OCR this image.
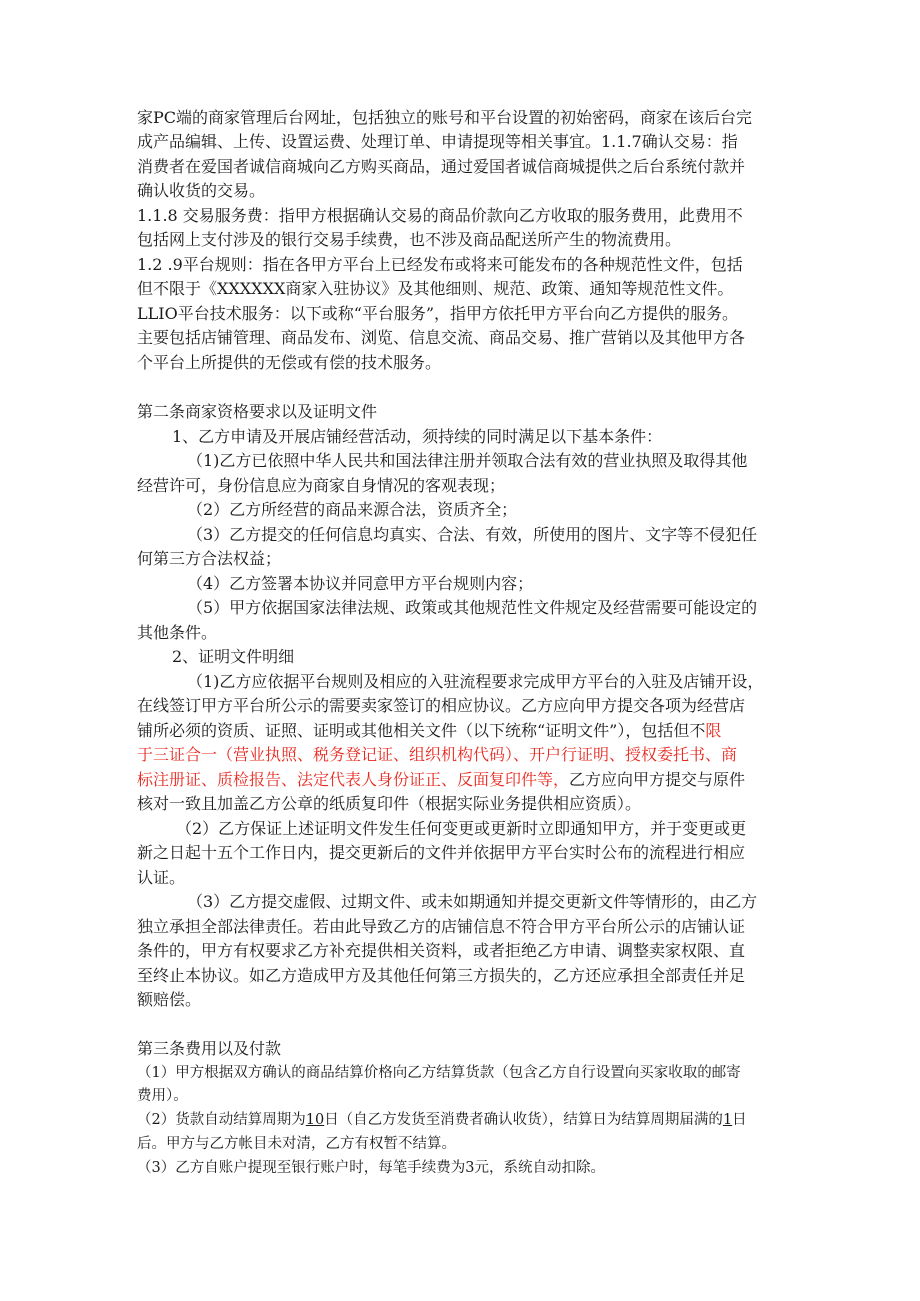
家PC端的商家管理后台网址，包括独立的账号和平台设置的初始密码，商家在该后台完
成产品编辑、上传、设置运费、处理订单、申请提现等相关事宜。1.1.7确认交易：指
消费者在爱国者诚信商城向乙方购买商品，通过爱国者诚信商城提供之后台系统付款并
确认收货的交易。
1.1.8 交易服务费：指甲方根据确认交易的商品价款向乙方收取的服务费用，此费用不
包括网上支付涉及的银行交易手续费，也不涉及商品配送所产生的物流费用。
1.2 .9平台规则：指在各甲方平台上已经发布或将来可能发布的各种规范性文件，包括
但不限于《XXXXXX商家入驻协议》及其他细则、规范、政策、通知等规范性文件。
LLIO平台技术服务：以下或称“平台服务”，指甲方依托甲方平台向乙方提供的服务。
主要包括店铺管理、商品发布、浏览、信息交流、商品交易、推广营销以及其他甲方各
个平台上所提供的无偿或有偿的技术服务。
第二条商家资格要求以及证明文件
1、乙方申请及开展店铺经营活动，须持续的同时满足以下基本条件：
（1)乙方已依照中华人民共和国法律注册并领取合法有效的营业执照及取得其他
经营许可，身份信息应为商家自身情况的客观表现；
（2）乙方所经营的商品来源合法，资质齐全；
（3）乙方提交的任何信息均真实、合法、有效，所使用的图片、文字等不侵犯任
何第三方合法权益；
（4）乙方签署本协议并同意甲方平台规则内容；
（5）甲方依据国家法律法规、政策或其他规范性文件规定及经营需要可能设定的
其他条件。
2、证明文件明细
（1)乙方应依据平台规则及相应的入驻流程要求完成甲方平台的入驻及店铺开设，
在线签订甲方平台所公示的需要卖家签订的相应协议。乙方应向甲方提交各项为经营店
铺所必须的资质、证照、证明或其他相关文件（以下统称“证明文件”），包括但不限
于三证合一（营业执照、税务登记证、组织机构代码）、开户行证明、授权委托书、商
标注册证、质检报告、法定代表人身份证正、反面复印件等，乙方应向甲方提交与原件
核对一致且加盖乙方公章的纸质复印件（根据实际业务提供相应资质）。
（2）乙方保证上述证明文件发生任何变更或更新时立即通知甲方，并于变更或更
新之日起十五个工作日内，提交更新后的文件并依据甲方平台实时公布的流程进行相应
认证。
（3）乙方提交虚假、过期文件、或未如期通知并提交更新文件等情形的，由乙方
独立承担全部法律责任。若由此导致乙方的店铺信息不符合甲方平台所公示的店铺认证
条件的，甲方有权要求乙方补充提供相关资料，或者拒绝乙方申请、调整卖家权限、直
至终止本协议。如乙方造成甲方及其他任何第三方损失的，乙方还应承担全部责任并足
额赔偿。
第三条费用以及付款
（1）甲方根据双方确认的商品结算价格向乙方结算货款（包含乙方自行设置向买家收取的邮寄
费用）。
（2）货款自动结算周期为10日（自乙方发货至消费者确认收货），结算日为结算周期届满的1日
后。甲方与乙方帐目未对清，乙方有权暂不结算。
（3）乙方自账户提现至银行账户时，每笔手续费为3元，系统自动扣除。
